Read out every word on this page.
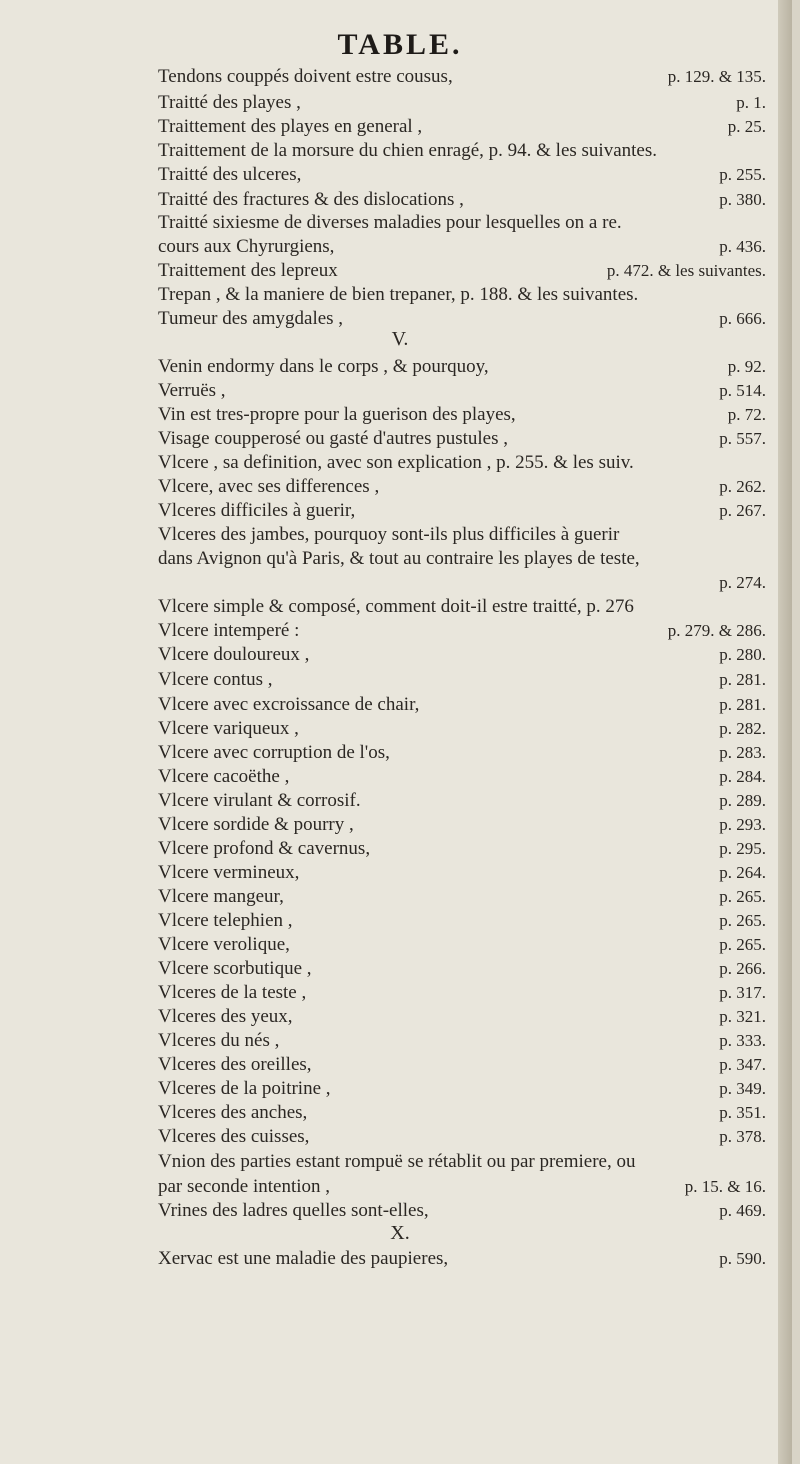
TABLE.
Tendons couppés doivent estre cousus,	p. 129. & 135.
Traitté des playes ,	p. 1.
Traittement des playes en general ,	p. 25.
Traittement de la morsure du chien enragé, p. 94. & les suivantes.
Traitté des ulceres,	p. 255.
Traitté des fractures & des dislocations ,	p. 380.
Traitté sixiesme de diverses maladies pour lesquelles on a re.
cours aux Chyrurgiens,	p. 436.
Traittement des lepreux	p. 472. & les suivantes.
Trepan , & la maniere de bien trepaner, p. 188. & les suivantes.
Tumeur des amygdales ,	p. 666.
V.
Venin endormy dans le corps , & pourquoy,	p. 92.
Verruës ,	p. 514.
Vin est tres-propre pour la guerison des playes,	p. 72.
Visage coupperosé ou gasté d'autres pustules ,	p. 557.
Vlcere , sa definition, avec son explication , p. 255. & les suiv.
Vlcere, avec ses differences ,	p. 262.
Vlceres difficiles à guerir,	p. 267.
Vlceres des jambes, pourquoy sont-ils plus difficiles à guerir
dans Avignon qu'à Paris, & tout au contraire les playes de teste,
p. 274.
Vlcere simple & composé, comment doit-il estre traitté, p. 276
Vlcere intemperé :	p. 279. & 286.
Vlcere douloureux ,	p. 280.
Vlcere contus ,	p. 281.
Vlcere avec excroissance de chair,	p. 281.
Vlcere variqueux ,	p. 282.
Vlcere avec corruption de l'os,	p. 283.
Vlcere cacoëthe ,	p. 284.
Vlcere virulant & corrosif.	p. 289.
Vlcere sordide & pourry ,	p. 293.
Vlcere profond & cavernus,	p. 295.
Vlcere vermineux,	p. 264.
Vlcere mangeur,	p. 265.
Vlcere telephien ,	p. 265.
Vlcere verolique,	p. 265.
Vlcere scorbutique ,	p. 266.
Vlceres de la teste ,	p. 317.
Vlceres des yeux,	p. 321.
Vlceres du nés ,	p. 333.
Vlceres des oreilles,	p. 347.
Vlceres de la poitrine ,	p. 349.
Vlceres des anches,	p. 351.
Vlceres des cuisses,	p. 378.
Vnion des parties estant rompuë se rétablit ou par premiere, ou
par seconde intention ,	p. 15. & 16.
Vrines des ladres quelles sont-elles,	p. 469.
X.
Xervac est une maladie des paupieres,	p. 590.
